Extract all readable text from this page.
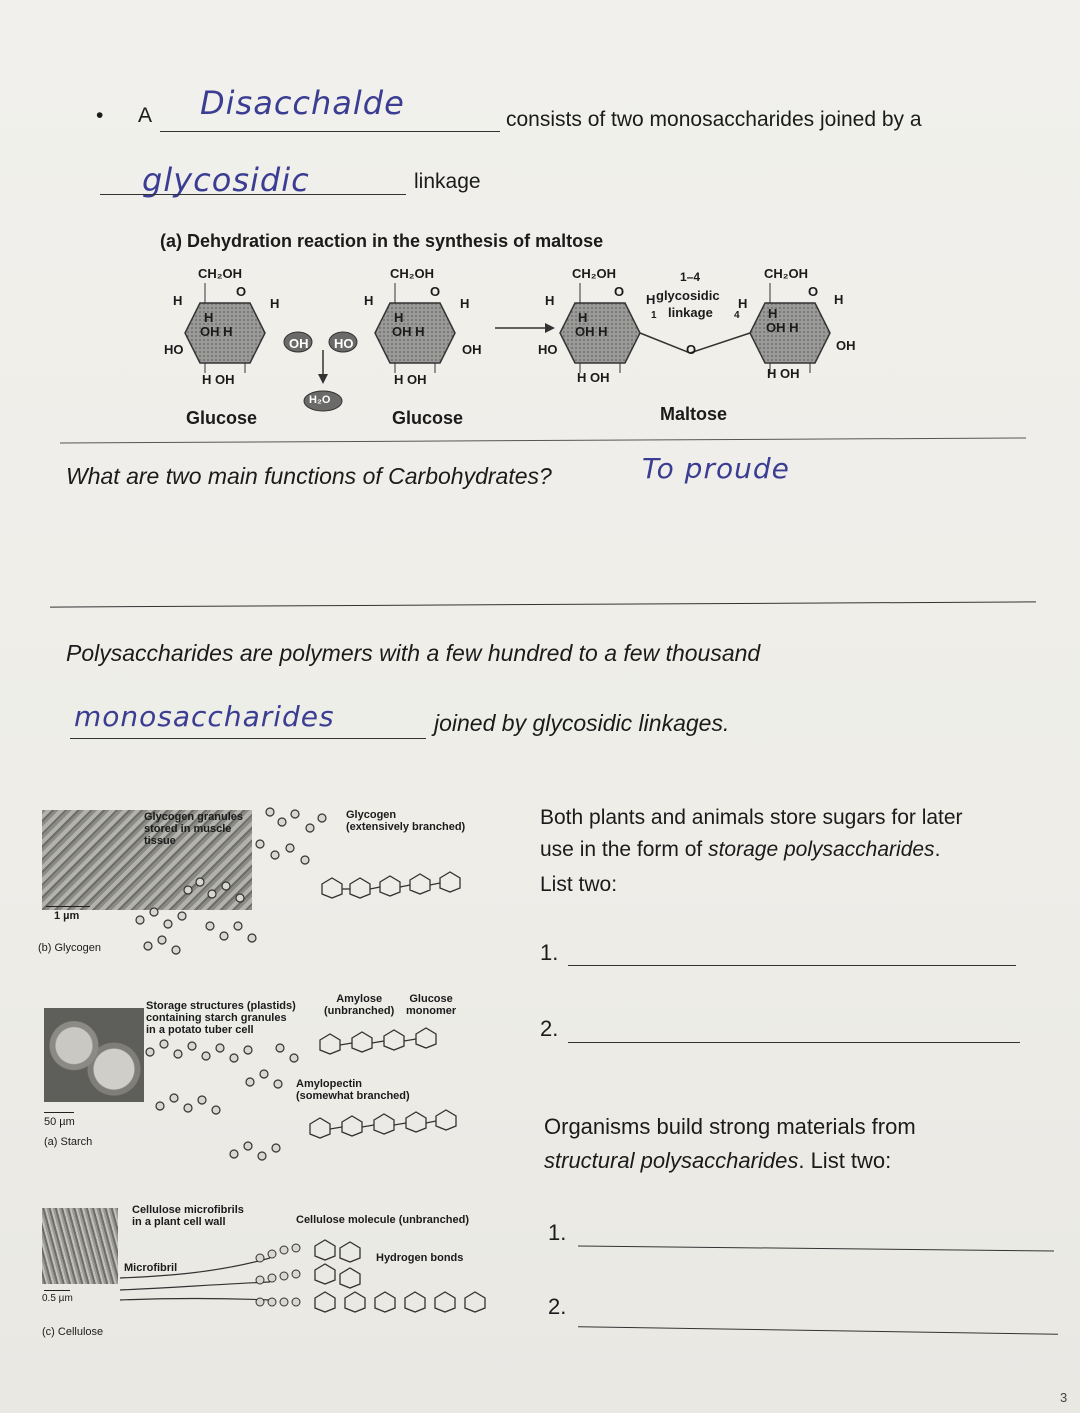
• A Disacchalde	consists of two monosaccharides joined by a
glycosidic	linkage
(a) Dehydration reaction in the synthesis of maltose
CH₂OH	CH₂OH	CH₂OH	CH₂OH
H	H
O
H	H
O
H
O
H
O
H
H	H	H	H
OH H	OH H	OH H	OH H
HO	OH HO	OH	HO	O	OH
1–4
H glycosidic
linkage
1	4
H OH	H OH	H OH	H OH
H₂O
Glucose	Glucose	Maltose
What are two main functions of Carbohydrates?	To proude
Polysaccharides are polymers with a few hundred to a few thousand
monosaccharides	joined by glycosidic linkages.
Glycogen granules
stored in muscle
tissue
Glycogen
(extensively branched)
1 µm
(b) Glycogen
Storage structures (plastids)
containing starch granules
in a potato tuber cell
Amylose
(unbranched)
Glucose
monomer
Amylopectin
(somewhat branched)
50 µm
(a) Starch
Cellulose microfibrils
in a plant cell wall	Cellulose molecule (unbranched)
Microfibril
Hydrogen bonds
0.5 µm
(c) Cellulose
Both plants and animals store sugars for later
use in the form of storage polysaccharides.
List two:
1.
2.
Organisms build strong materials from
structural polysaccharides. List two:
1.
2.
3
